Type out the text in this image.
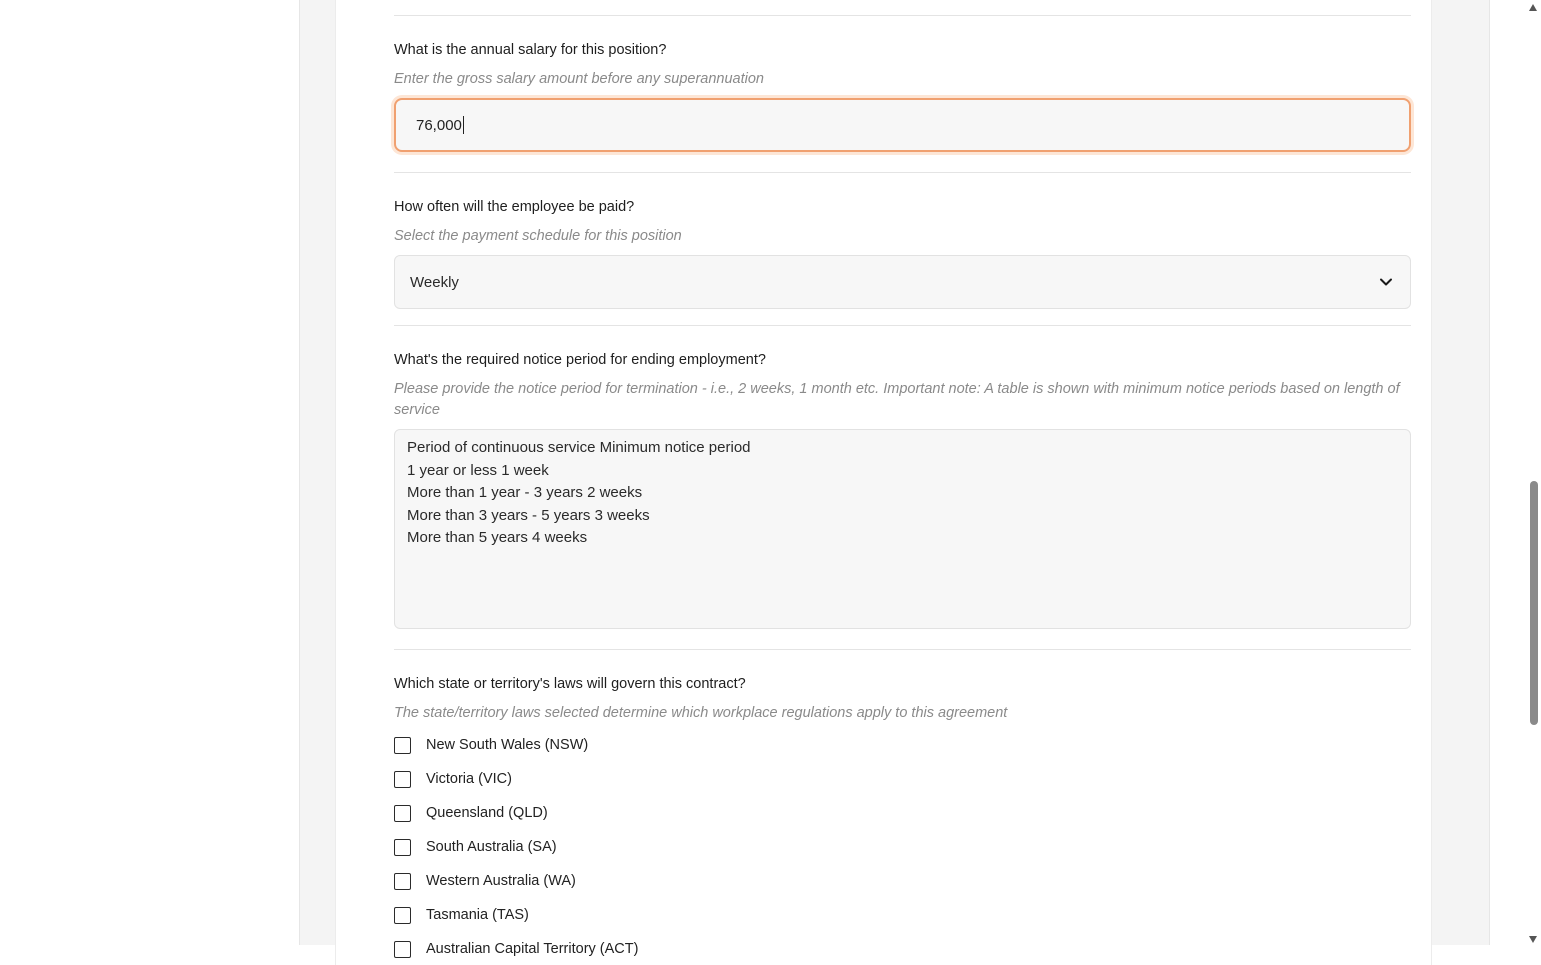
What is the annual salary for this position?
Enter the gross salary amount before any superannuation
76,000
How often will the employee be paid?
Select the payment schedule for this position
Weekly
What's the required notice period for ending employment?
Please provide the notice period for termination - i.e., 2 weeks, 1 month etc. Important note: A table is shown with minimum notice periods based on length of service
Period of continuous service Minimum notice period
1 year or less 1 week
More than 1 year - 3 years 2 weeks
More than 3 years - 5 years 3 weeks
More than 5 years 4 weeks
Which state or territory's laws will govern this contract?
The state/territory laws selected determine which workplace regulations apply to this agreement
New South Wales (NSW)
Victoria (VIC)
Queensland (QLD)
South Australia (SA)
Western Australia (WA)
Tasmania (TAS)
Australian Capital Territory (ACT)
